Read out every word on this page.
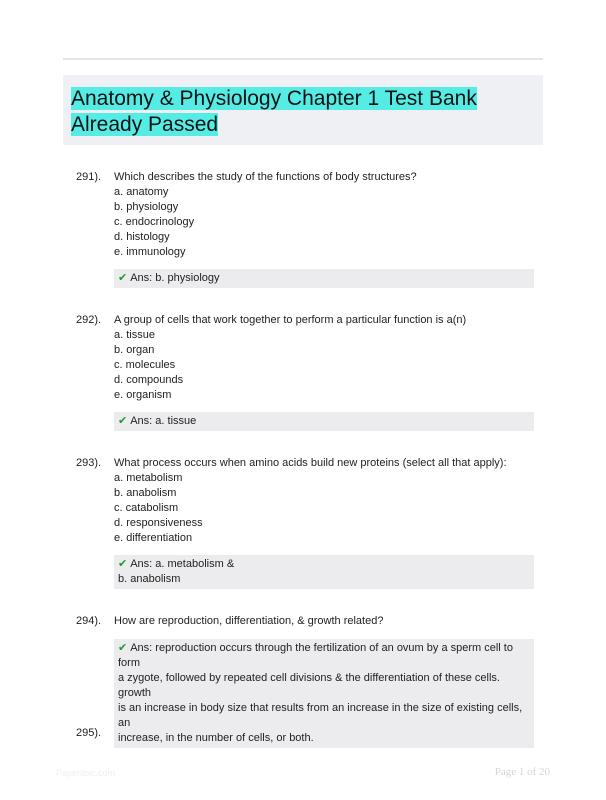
Anatomy & Physiology Chapter 1 Test Bank Already Passed
291). Which describes the study of the functions of body structures?
a. anatomy
b. physiology
c. endocrinology
d. histology
e. immunology
✔ Ans: b. physiology
292). A group of cells that work together to perform a particular function is a(n)
a. tissue
b. organ
c. molecules
d. compounds
e. organism
✔ Ans: a. tissue
293). What process occurs when amino acids build new proteins (select all that apply):
a. metabolism
b. anabolism
c. catabolism
d. responsiveness
e. differentiation
✔ Ans: a. metabolism &
b. anabolism
294). How are reproduction, differentiation, & growth related?
✔ Ans: reproduction occurs through the fertilization of an ovum by a sperm cell to form
a zygote, followed by repeated cell divisions & the differentiation of these cells. growth
is an increase in body size that results from an increase in the size of existing cells, an
increase, in the number of cells, or both.
295).
Paperlibic.com	Page 1 of 20
